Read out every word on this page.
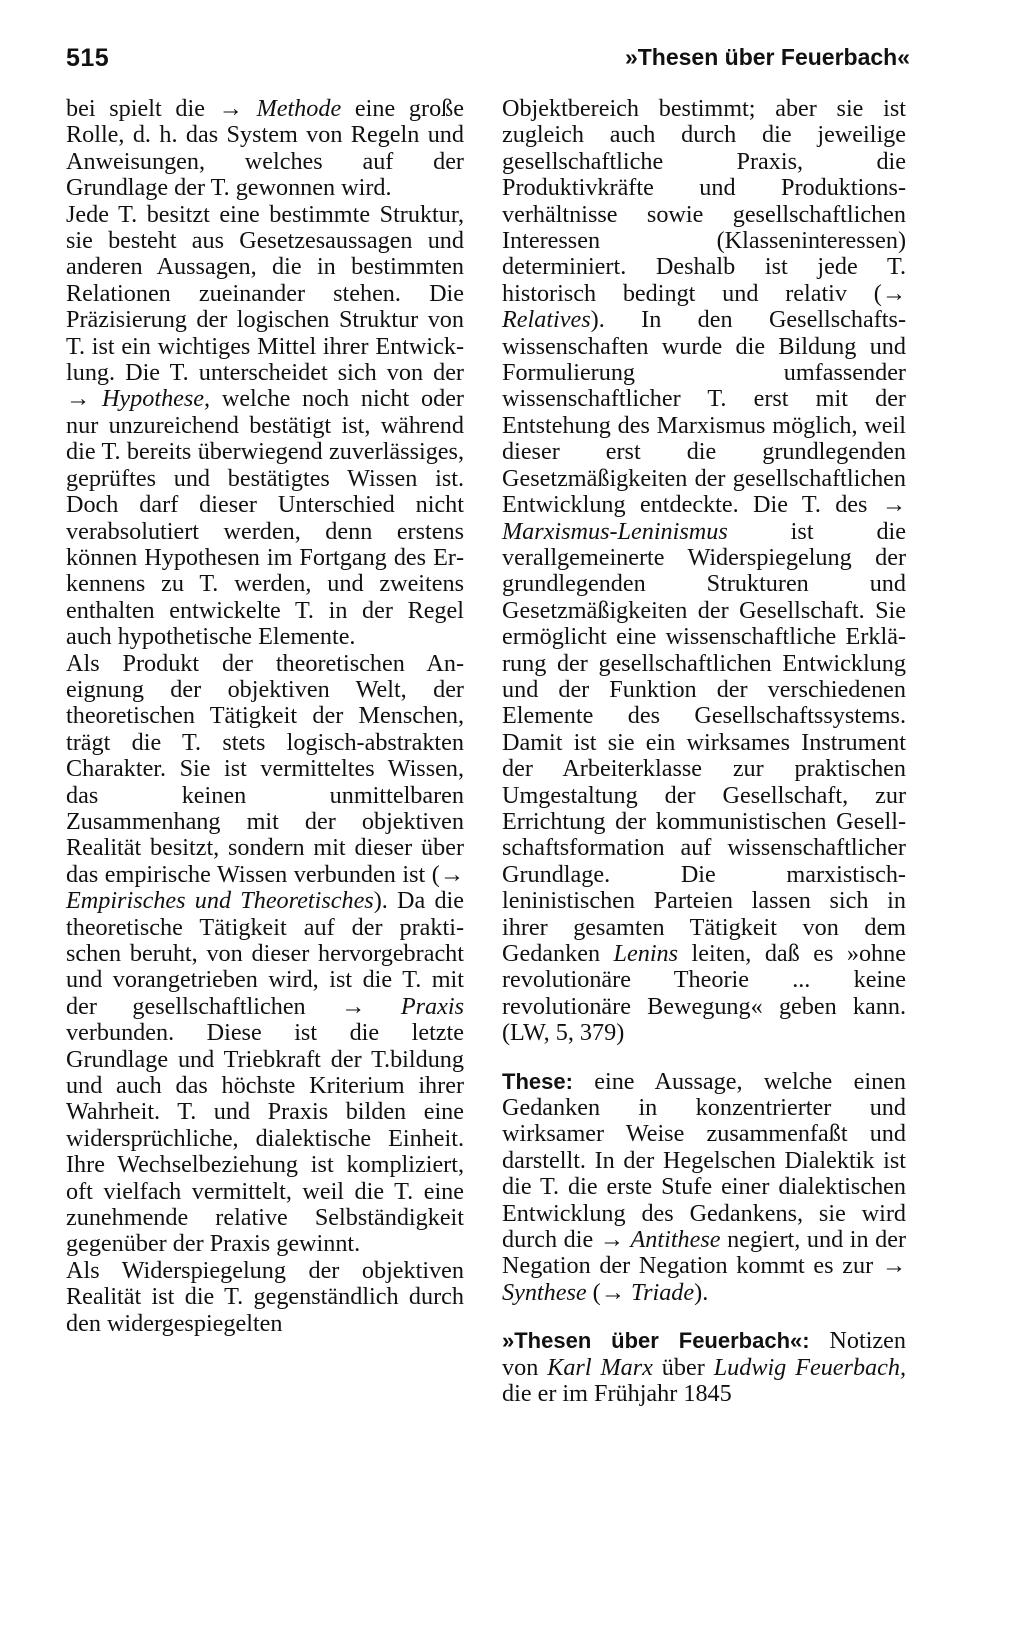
515	»Thesen über Feuerbach«

bei spielt die → Methode eine große Rolle, d. h. das System von Regeln und Anweisungen, welches auf der Grundlage der T. gewonnen wird.

Jede T. besitzt eine bestimmte Struktur, sie besteht aus Gesetzesaussagen und anderen Aussagen, die in bestimmten Relationen zueinander stehen. Die Präzisierung der logischen Struktur von T. ist ein wichtiges Mittel ihrer Entwicklung. Die T. unterscheidet sich von der → Hypothese, welche noch nicht oder nur unzureichend bestätigt ist, während die T. bereits überwiegend zuverlässiges, geprüftes und bestätigtes Wissen ist. Doch darf dieser Unterschied nicht verabsolutiert werden, denn erstens können Hypothesen im Fortgang des Erkennens zu T. werden, und zweitens enthalten entwickelte T. in der Regel auch hypothetische Elemente.

Als Produkt der theoretischen Aneignung der objektiven Welt, der theoretischen Tätigkeit der Menschen, trägt die T. stets logisch-abstrakten Charakter. Sie ist vermitteltes Wissen, das keinen unmittelbaren Zusammenhang mit der objektiven Realität besitzt, sondern mit dieser über das empirische Wissen verbunden ist (→ Empirisches und Theoretisches). Da die theoretische Tätigkeit auf der praktischen beruht, von dieser hervorgebracht und vorangetrieben wird, ist die T. mit der gesellschaftlichen → Praxis verbunden. Diese ist die letzte Grundlage und Triebkraft der T.bildung und auch das höchste Kriterium ihrer Wahrheit. T. und Praxis bilden eine widersprüchliche, dialektische Einheit. Ihre Wechselbeziehung ist kompliziert, oft vielfach vermittelt, weil die T. eine zunehmende relative Selbständigkeit gegenüber der Praxis gewinnt.

Als Widerspiegelung der objektiven Realität ist die T. gegenständlich durch den widergespiegelten

Objektbereich bestimmt; aber sie ist zugleich auch durch die jeweilige gesellschaftliche Praxis, die Produktivkräfte und Produktionsverhältnisse sowie gesellschaftlichen Interessen (Klasseninteressen) determiniert. Deshalb ist jede T. historisch bedingt und relativ (→ Relatives). In den Gesellschaftswissenschaften wurde die Bildung und Formulierung umfassender wissenschaftlicher T. erst mit der Entstehung des Marxismus möglich, weil dieser erst die grundlegenden Gesetzmäßigkeiten der gesellschaftlichen Entwicklung entdeckte. Die T. des → Marxismus-Leninismus ist die verallgemeinerte Widerspiegelung der grundlegenden Strukturen und Gesetzmäßigkeiten der Gesellschaft. Sie ermöglicht eine wissenschaftliche Erklärung der gesellschaftlichen Entwicklung und der Funktion der verschiedenen Elemente des Gesellschaftssystems. Damit ist sie ein wirksames Instrument der Arbeiterklasse zur praktischen Umgestaltung der Gesellschaft, zur Errichtung der kommunistischen Gesellschaftsformation auf wissenschaftlicher Grundlage. Die marxistisch-leninistischen Parteien lassen sich in ihrer gesamten Tätigkeit von dem Gedanken Lenins leiten, daß es »ohne revolutionäre Theorie ... keine revolutionäre Bewegung« geben kann. (LW, 5, 379)

These: eine Aussage, welche einen Gedanken in konzentrierter und wirksamer Weise zusammenfaßt und darstellt. In der Hegelschen Dialektik ist die T. die erste Stufe einer dialektischen Entwicklung des Gedankens, sie wird durch die → Antithese negiert, und in der Negation der Negation kommt es zur → Synthese (→ Triade).

»Thesen über Feuerbach«: Notizen von Karl Marx über Ludwig Feuerbach, die er im Frühjahr 1845
